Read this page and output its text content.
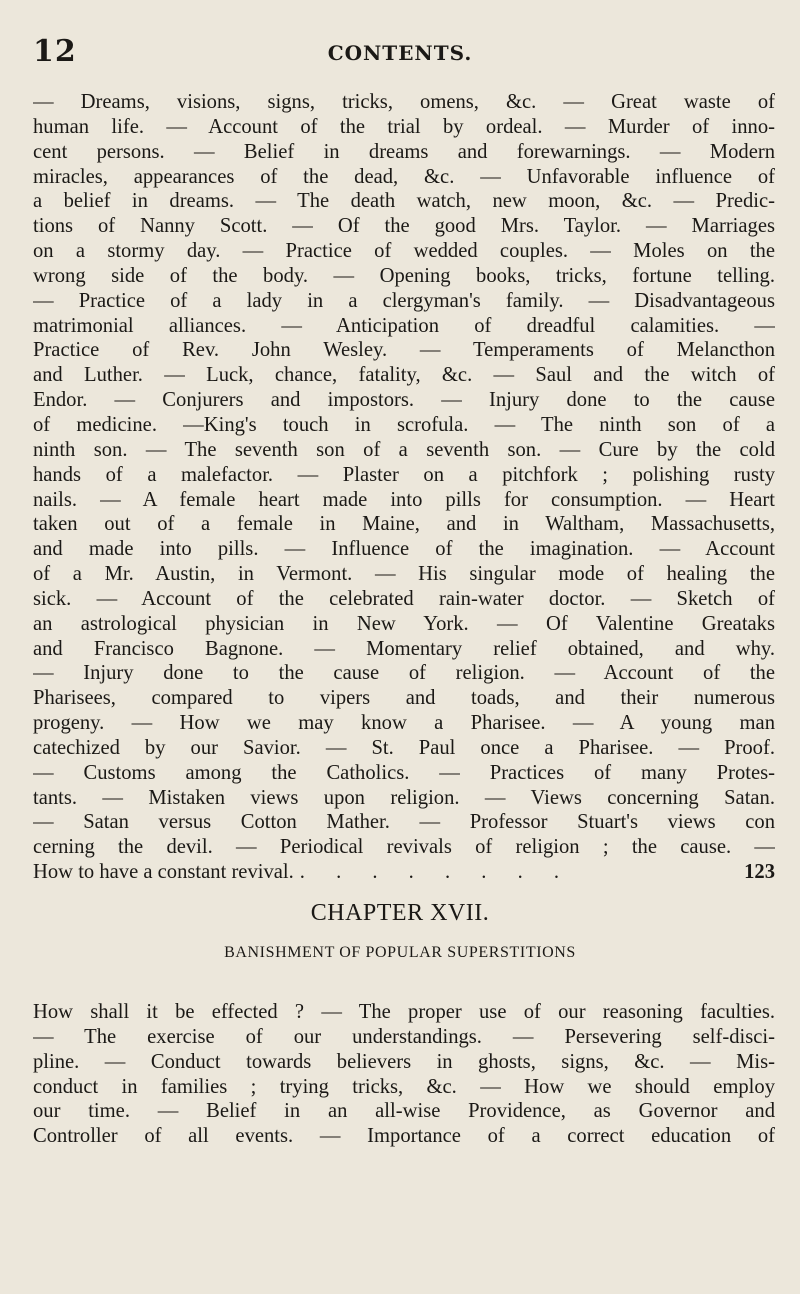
12	CONTENTS.
— Dreams, visions, signs, tricks, omens, &c. — Great waste of
human life. — Account of the trial by ordeal. — Murder of inno-
cent persons. — Belief in dreams and forewarnings. — Modern
miracles, appearances of the dead, &c. — Unfavorable influence of
a belief in dreams. — The death watch, new moon, &c. — Predic-
tions of Nanny Scott. — Of the good Mrs. Taylor. — Marriages
on a stormy day. — Practice of wedded couples. — Moles on the
wrong side of the body. — Opening books, tricks, fortune telling.
— Practice of a lady in a clergyman's family. — Disadvantageous
matrimonial alliances. — Anticipation of dreadful calamities. —
Practice of Rev. John Wesley. — Temperaments of Melancthon
and Luther. — Luck, chance, fatality, &c. — Saul and the witch of
Endor. — Conjurers and impostors. — Injury done to the cause
of medicine. —King's touch in scrofula. — The ninth son of a
ninth son. — The seventh son of a seventh son. — Cure by the cold
hands of a malefactor. — Plaster on a pitchfork ; polishing rusty
nails. — A female heart made into pills for consumption. — Heart
taken out of a female in Maine, and in Waltham, Massachusetts,
and made into pills. — Influence of the imagination. — Account
of a Mr. Austin, in Vermont. — His singular mode of healing the
sick. — Account of the celebrated rain-water doctor. — Sketch of
an astrological physician in New York. — Of Valentine Greataks
and Francisco Bagnone. — Momentary relief obtained, and why.
— Injury done to the cause of religion. — Account of the
Pharisees, compared to vipers and toads, and their numerous
progeny. — How we may know a Pharisee. — A young man
catechized by our Savior. — St. Paul once a Pharisee. — Proof.
— Customs among the Catholics. — Practices of many Protes-
tants. — Mistaken views upon religion. — Views concerning Satan.
— Satan versus Cotton Mather. — Professor Stuart's views con
cerning the devil. — Periodical revivals of religion ; the cause. —
How to have a constant revival. . . . . . . . .	123
CHAPTER XVII.
BANISHMENT OF POPULAR SUPERSTITIONS
How shall it be effected ? — The proper use of our reasoning faculties.
— The exercise of our understandings. — Persevering self-disci-
pline. — Conduct towards believers in ghosts, signs, &c. — Mis-
conduct in families ; trying tricks, &c. — How we should employ
our time. — Belief in an all-wise Providence, as Governor and
Controller of all events. — Importance of a correct education of
